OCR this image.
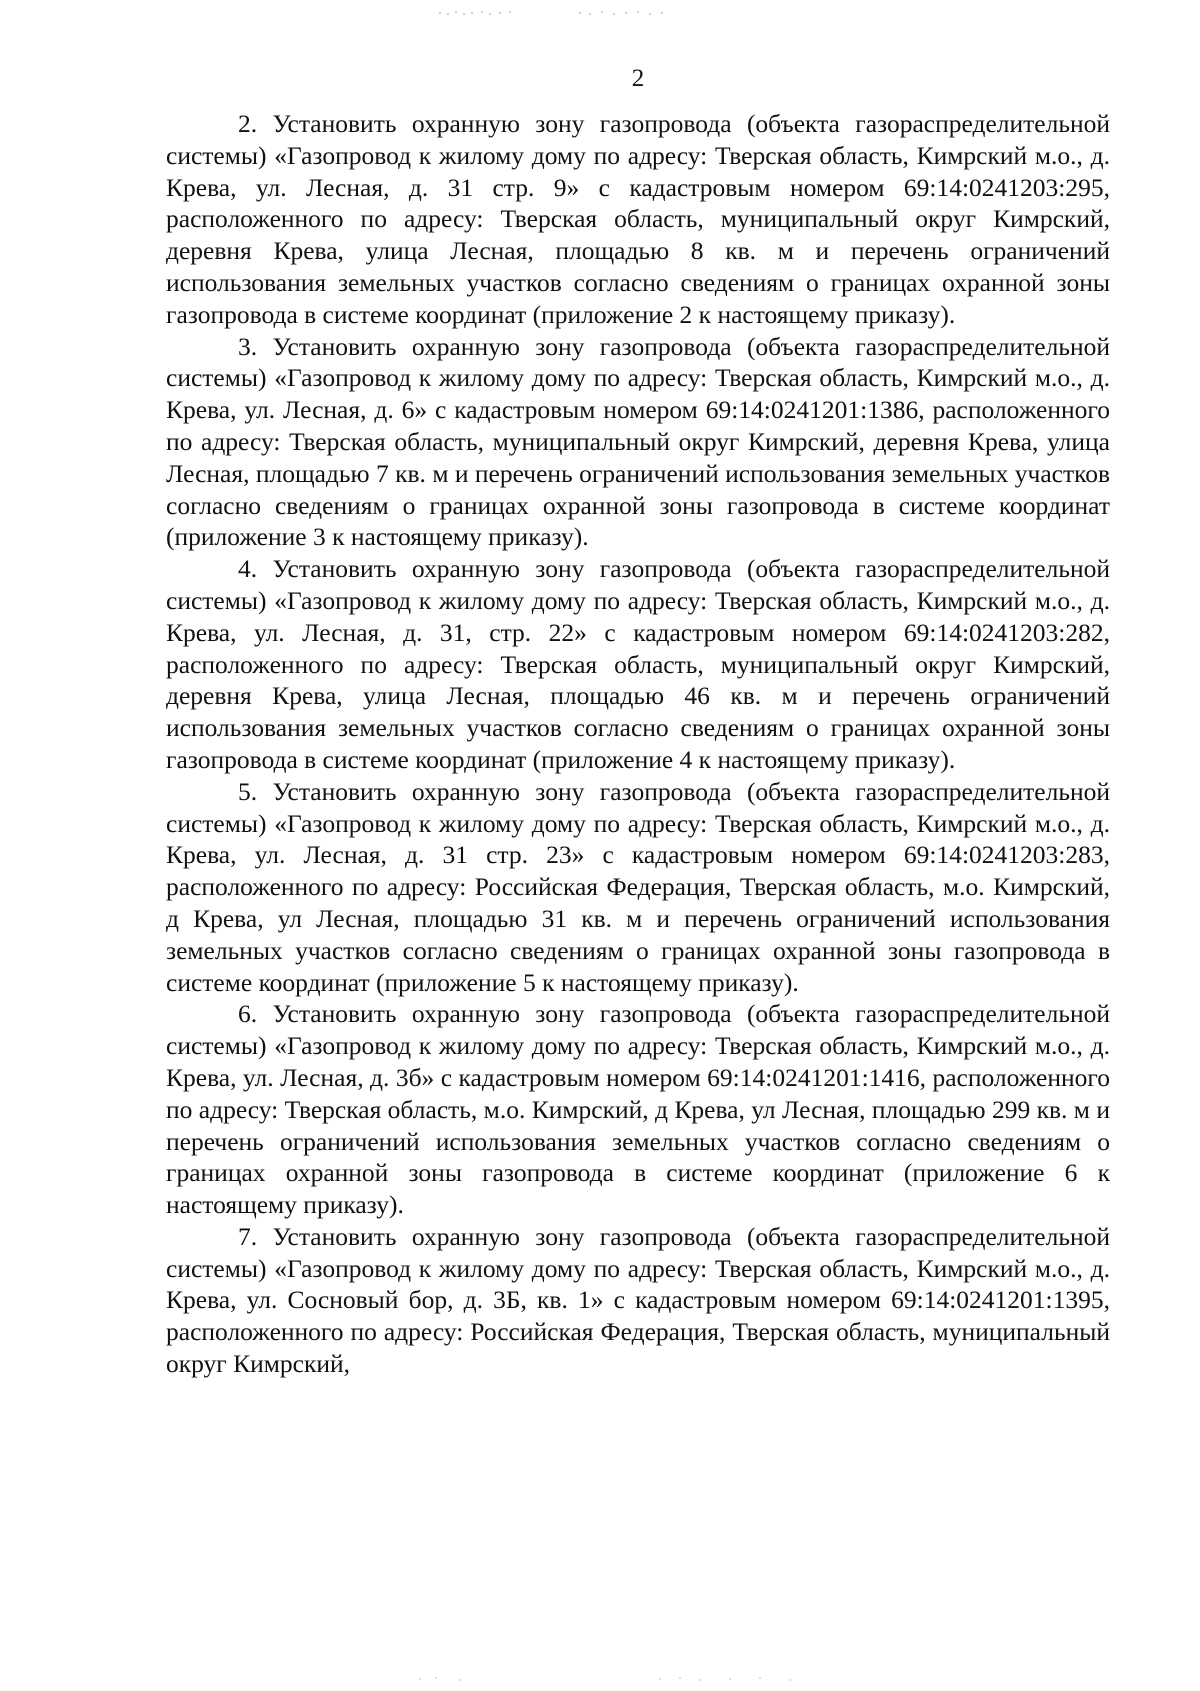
2

2. Установить охранную зону газопровода (объекта газораспределительной системы) «Газопровод к жилому дому по адресу: Тверская область, Кимрский м.о., д. Крева, ул. Лесная, д. 31 стр. 9» с кадастровым номером 69:14:0241203:295, расположенного по адресу: Тверская область, муниципальный округ Кимрский, деревня Крева, улица Лесная, площадью 8 кв. м и перечень ограничений использования земельных участков согласно сведениям о границах охранной зоны газопровода в системе координат (приложение 2 к настоящему приказу).

3. Установить охранную зону газопровода (объекта газораспределительной системы) «Газопровод к жилому дому по адресу: Тверская область, Кимрский м.о., д. Крева, ул. Лесная, д. 6» с кадастровым номером 69:14:0241201:1386, расположенного по адресу: Тверская область, муниципальный округ Кимрский, деревня Крева, улица Лесная, площадью 7 кв. м и перечень ограничений использования земельных участков согласно сведениям о границах охранной зоны газопровода в системе координат (приложение 3 к настоящему приказу).

4. Установить охранную зону газопровода (объекта газораспределительной системы) «Газопровод к жилому дому по адресу: Тверская область, Кимрский м.о., д. Крева, ул. Лесная, д. 31, стр. 22» с кадастровым номером 69:14:0241203:282, расположенного по адресу: Тверская область, муниципальный округ Кимрский, деревня Крева, улица Лесная, площадью 46 кв. м и перечень ограничений использования земельных участков согласно сведениям о границах охранной зоны газопровода в системе координат (приложение 4 к настоящему приказу).

5. Установить охранную зону газопровода (объекта газораспределительной системы) «Газопровод к жилому дому по адресу: Тверская область, Кимрский м.о., д. Крева, ул. Лесная, д. 31 стр. 23» с кадастровым номером 69:14:0241203:283, расположенного по адресу: Российская Федерация, Тверская область, м.о. Кимрский, д Крева, ул Лесная, площадью 31 кв. м и перечень ограничений использования земельных участков согласно сведениям о границах охранной зоны газопровода в системе координат (приложение 5 к настоящему приказу).

6. Установить охранную зону газопровода (объекта газораспределительной системы) «Газопровод к жилому дому по адресу: Тверская область, Кимрский м.о., д. Крева, ул. Лесная, д. 3б» с кадастровым номером 69:14:0241201:1416, расположенного по адресу: Тверская область, м.о. Кимрский, д Крева, ул Лесная, площадью 299 кв. м и перечень ограничений использования земельных участков согласно сведениям о границах охранной зоны газопровода в системе координат (приложение 6 к настоящему приказу).

7. Установить охранную зону газопровода (объекта газораспределительной системы) «Газопровод к жилому дому по адресу: Тверская область, Кимрский м.о., д. Крева, ул. Сосновый бор, д. 3Б, кв. 1» с кадастровым номером 69:14:0241201:1395, расположенного по адресу: Российская Федерация, Тверская область, муниципальный округ Кимрский,
